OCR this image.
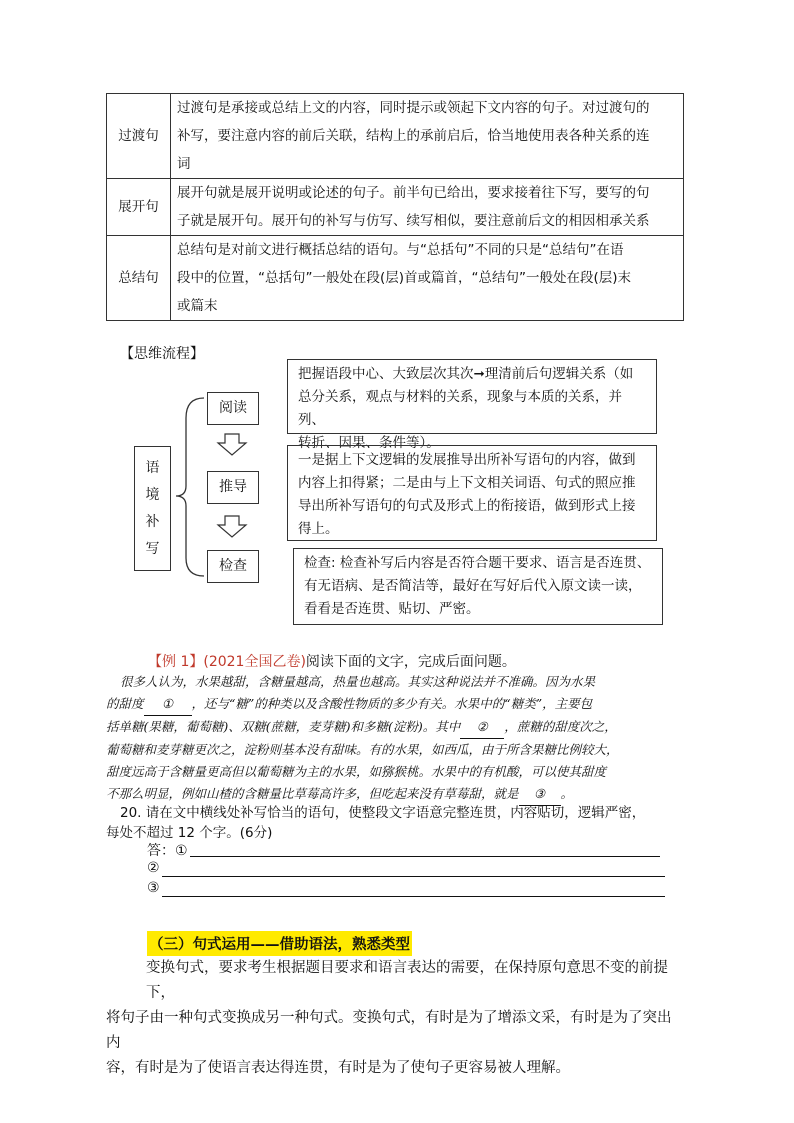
过渡句	过渡句是承接或总结上文的内容，同时提示或领起下文内容的句子。对过渡句的
补写，要注意内容的前后关联，结构上的承前启后，恰当地使用表各种关系的连
词

展开句	展开句就是展开说明或论述的句子。前半句已给出，要求接着往下写，要写的句
子就是展开句。展开句的补写与仿写、续写相似，要注意前后文的相因相承关系

总结句	总结句是对前文进行概括总结的语句。与“总括句”不同的只是“总结句”在语
段中的位置，“总括句”一般处在段(层)首或篇首，“总结句”一般处在段(层)末
或篇末
【思维流程】
语
境
补
写
阅读
推导
检查
把握语段中心、大致层次其次➞理清前后句逻辑关系（如
总分关系，观点与材料的关系，现象与本质的关系，并列、
转折、因果、条件等）。
一是据上下文逻辑的发展推导出所补写语句的内容，做到
内容上扣得紧；二是由与上下文相关词语、句式的照应推
导出所补写语句的句式及形式上的衔接语，做到形式上接
得上。
检查: 检查补写后内容是否符合题干要求、语言是否连贯、
有无语病、是否简洁等，最好在写好后代入原文读一读，
看看是否连贯、贴切、严密。
【例 1】(2021全国乙卷)阅读下面的文字，完成后面问题。
很多人认为，水果越甜，含糖量越高，热量也越高。其实这种说法并不准确。因为水果
的甜度 ① ，还与“糖”的种类以及含酸性物质的多少有关。水果中的“糖类”，主要包
括单糖(果糖，葡萄糖)、双糖(蔗糖，麦芽糖)和多糖(淀粉)。其中 ② ，蔗糖的甜度次之，
葡萄糖和麦芽糖更次之，淀粉则基本没有甜味。有的水果，如西瓜，由于所含果糖比例较大，
甜度远高于含糖量更高但以葡萄糖为主的水果，如猕猴桃。水果中的有机酸，可以使其甜度
不那么明显，例如山楂的含糖量比草莓高许多，但吃起来没有草莓甜，就是 ③ 。
20. 请在文中横线处补写恰当的语句，使整段文字语意完整连贯，内容贴切，逻辑严密，
每处不超过 12 个字。(6分)
答：①
②
③
（三）句式运用——借助语法，熟悉类型
变换句式，要求考生根据题目要求和语言表达的需要，在保持原句意思不变的前提下，
将句子由一种句式变换成另一种句式。变换句式，有时是为了增添文采，有时是为了突出内
容，有时是为了使语言表达得连贯，有时是为了使句子更容易被人理解。
